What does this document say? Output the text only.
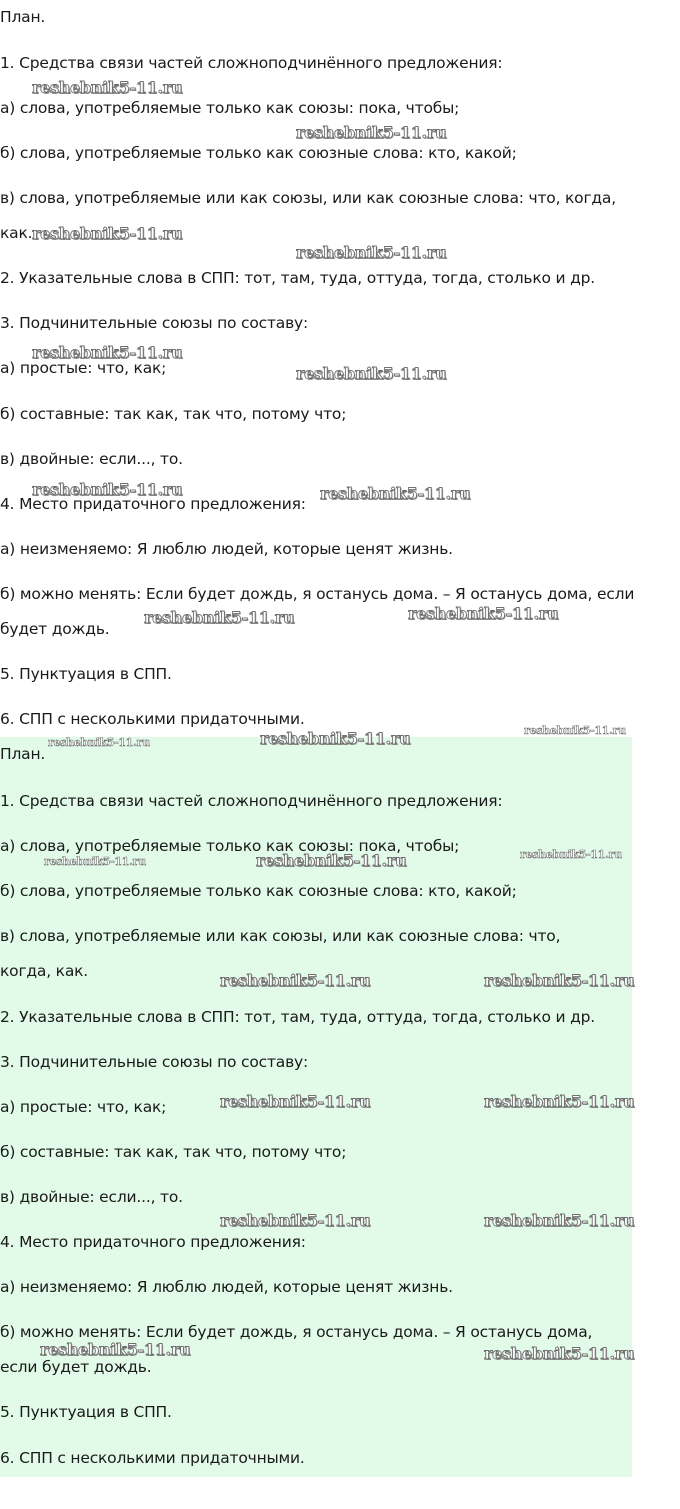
План.

1. Средства связи частей сложноподчинённого предложения:

а) слова, употребляемые только как союзы: пока, чтобы;

б) слова, употребляемые только как союзные слова: кто, какой;

в) слова, употребляемые или как союзы, или как союзные слова: что, когда,

как.

2. Указательные слова в СПП: тот, там, туда, оттуда, тогда, столько и др.

3. Подчинительные союзы по составу:

а) простые: что, как;

б) составные: так как, так что, потому что;

в) двойные: если..., то.

4. Место придаточного предложения:

а) неизменяемо: Я люблю людей, которые ценят жизнь.

б) можно менять: Если будет дождь, я останусь дома. – Я останусь дома, если

будет дождь.

5. Пунктуация в СПП.

6. СПП с несколькими придаточными.

План.

1. Средства связи частей сложноподчинённого предложения:

а) слова, употребляемые только как союзы: пока, чтобы;

б) слова, употребляемые только как союзные слова: кто, какой;

в) слова, употребляемые или как союзы, или как союзные слова: что,

когда, как.

2. Указательные слова в СПП: тот, там, туда, оттуда, тогда, столько и др.

3. Подчинительные союзы по составу:

а) простые: что, как;

б) составные: так как, так что, потому что;

в) двойные: если..., то.

4. Место придаточного предложения:

а) неизменяемо: Я люблю людей, которые ценят жизнь.

б) можно менять: Если будет дождь, я останусь дома. – Я останусь дома,

если будет дождь.

5. Пунктуация в СПП.

6. СПП с несколькими придаточными.

reshebnik5-11.ru
reshebnik5-11.ru
reshebnik5-11.ru
reshebnik5-11.ru
reshebnik5-11.ru
reshebnik5-11.ru
reshebnik5-11.ru	reshebnik5-11.ru
reshebnik5-11.ru	reshebnik5-11.ru
reshebnik5-11.ru	reshebnik5-11.ru
reshebnik5-11.ru
reshebnik5-11.ru
reshebnik5-11.ru
reshebnik5-11.ru
reshebnik5-11.ru	reshebnik5-11.ru
reshebnik5-11.ru	reshebnik5-11.ru
reshebnik5-11.ru	reshebnik5-11.ru
reshebnik5-11.ru	reshebnik5-11.ru
